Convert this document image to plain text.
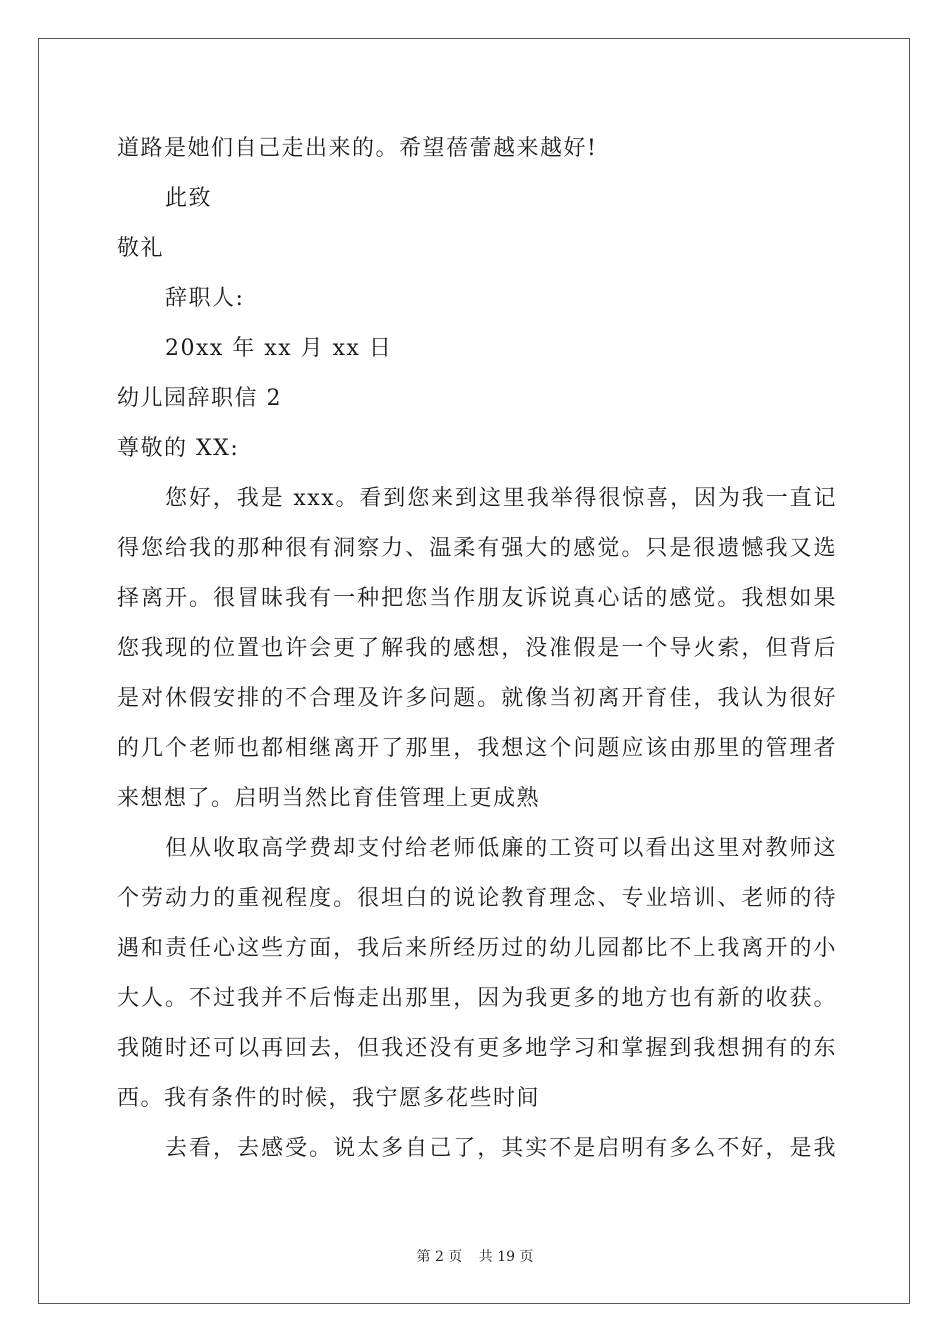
道路是她们自己走出来的。希望蓓蕾越来越好!
此致
敬礼
辞职人:
20xx 年 xx 月 xx 日
幼儿园辞职信 2
尊敬的 XX:
您好，我是 xxx。看到您来到这里我举得很惊喜，因为我一直记
得您给我的那种很有洞察力、温柔有强大的感觉。只是很遗憾我又选
择离开。很冒昧我有一种把您当作朋友诉说真心话的感觉。我想如果
您我现的位置也许会更了解我的感想，没准假是一个导火索，但背后
是对休假安排的不合理及许多问题。就像当初离开育佳，我认为很好
的几个老师也都相继离开了那里，我想这个问题应该由那里的管理者
来想想了。启明当然比育佳管理上更成熟
但从收取高学费却支付给老师低廉的工资可以看出这里对教师这
个劳动力的重视程度。很坦白的说论教育理念、专业培训、老师的待
遇和责任心这些方面，我后来所经历过的幼儿园都比不上我离开的小
大人。不过我并不后悔走出那里，因为我更多的地方也有新的收获。
我随时还可以再回去，但我还没有更多地学习和掌握到我想拥有的东
西。我有条件的时候，我宁愿多花些时间
去看，去感受。说太多自己了，其实不是启明有多么不好，是我
第 2 页 共 19 页
